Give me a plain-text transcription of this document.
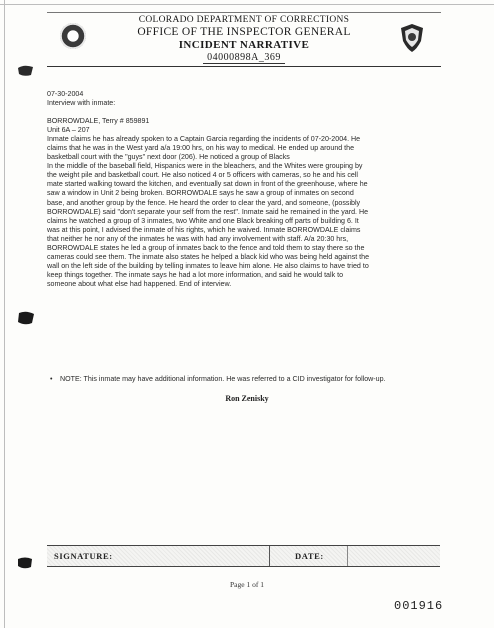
COLORADO DEPARTMENT OF CORRECTIONS
OFFICE OF THE INSPECTOR GENERAL
INCIDENT NARRATIVE
04000898A_369

07-30-2004

Interview with inmate:

BORROWDALE, Terry # 859891

Unit 6A – 207

Inmate claims he has already spoken to a Captain Garcia regarding the incidents of 07-20-2004. He

claims that he was in the West yard a/a 19:00 hrs, on his way to medical. He ended up around the

basketball court with the "guys" next door (206). He noticed a group of Blacks

In the middle of the baseball field, Hispanics were in the bleachers, and the Whites were grouping by

the weight pile and basketball court. He also noticed 4 or 5 officers with cameras, so he and his cell

mate started walking toward the kitchen, and eventually sat down in front of the greenhouse, where he

saw a window in Unit 2 being broken. BORROWDALE says he saw a group of inmates on second

base, and another group by the fence. He heard the order to clear the yard, and someone, (possibly

BORROWDALE) said "don't separate your self from the rest". Inmate said he remained in the yard. He

claims he watched a group of 3 inmates, two White and one Black breaking off parts of building 6. It

was at this point, I advised the inmate of his rights, which he waived. Inmate BORROWDALE claims

that neither he nor any of the inmates he was with had any involvement with staff. A/a 20:30 hrs,

BORROWDALE states he led a group of inmates back to the fence and told them to stay there so the

cameras could see them. The inmate also states he helped a black kid who was being held against the

wall on the left side of the building by telling inmates to leave him alone. He also claims to have tried to

keep things together. The inmate says he had a lot more information, and said he would talk to

someone about what else had happened. End of interview.

• NOTE: This inmate may have additional information. He was referred to a CID investigator for follow-up.
Ron Zenisky
SIGNATURE:	DATE:
Page 1 of 1
001916
